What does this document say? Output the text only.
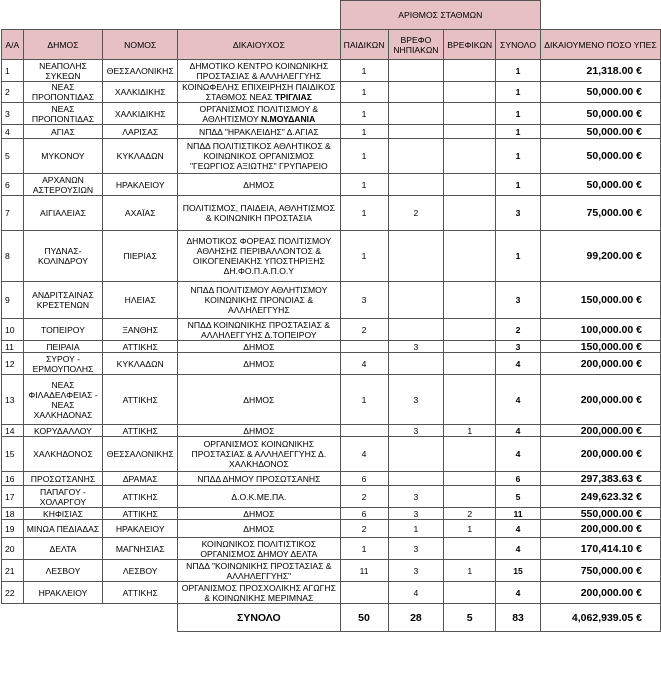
				ΑΡΙΘΜΟΣ ΣΤΑΘΜΩΝ				
Α/Α	ΔΗΜΟΣ	ΝΟΜΟΣ	ΔΙΚΑΙΟΥΧΟΣ	ΠΑΙΔΙΚΩΝ	ΒΡΕΦΟ ΝΗΠΙΑΚΩΝ	ΒΡΕΦΙΚΩΝ	ΣΥΝΟΛΟ	ΔΙΚΑΙΟΥΜΕΝΟ ΠΟΣΟ ΥΠΕΣ
1	ΝΕΑΠΟΛΗΣ ΣΥΚΕΩΝ	ΘΕΣΣΑΛΟΝΙΚΗΣ	ΔΗΜΟΤΙΚΟ ΚΕΝΤΡΟ ΚΟΙΝΩΝΙΚΗΣ ΠΡΟΣΤΑΣΙΑΣ & ΑΛΛΗΛΕΓΓΥΗΣ	1			1	21,318.00 €
2	ΝΕΑΣ ΠΡΟΠΟΝΤΙΔΑΣ	ΧΑΛΚΙΔΙΚΗΣ	ΚΟΙΝΩΦΕΛΗΣ ΕΠΙΧΕΙΡΗΣΗ ΠΑΙΔΙΚΟΣ ΣΤΑΘΜΟΣ ΝΕΑΣ ΤΡΙΓΛΙΑΣ	1			1	50,000.00 €
3	ΝΕΑΣ ΠΡΟΠΟΝΤΙΔΑΣ	ΧΑΛΚΙΔΙΚΗΣ	ΟΡΓΑΝΙΣΜΟΣ ΠΟΛΙΤΙΣΜΟΥ & ΑΘΛΗΤΙΣΜΟΥ Ν.ΜΟΥΔΑΝΙΑ	1			1	50,000.00 €
4	ΑΓΙΑΣ	ΛΑΡΙΣΑΣ	ΝΠΔΔ "ΗΡΑΚΛΕΙΔΗΣ" Δ.ΑΓΙΑΣ	1			1	50,000.00 €
5	ΜΥΚΟΝΟΥ	ΚΥΚΛΑΔΩΝ	ΝΠΔΔ ΠΟΛΙΤΙΣΤΙΚΟΣ ΑΘΛΗΤΙΚΟΣ & ΚΟΙΝΩΝΙΚΟΣ ΟΡΓΑΝΙΣΜΟΣ "ΓΕΩΡΓΙΟΣ ΑΞΙΩΤΗΣ" ΓΡΥΠΑΡΕΙΟ	1			1	50,000.00 €
6	ΑΡΧΑΝΩΝ ΑΣΤΕΡΟΥΣΙΩΝ	ΗΡΑΚΛΕΙΟΥ	ΔΗΜΟΣ	1			1	50,000.00 €
7	ΑΙΓΙΑΛΕΙΑΣ	ΑΧΑΪΑΣ	ΠΟΛΙΤΙΣΜΟΣ, ΠΑΙΔΕΙΑ, ΑΘΛΗΤΙΣΜΟΣ & ΚΟΙΝΩΝΙΚΗ ΠΡΟΣΤΑΣΙΑ	1	2		3	75,000.00 €
8	ΠΥΔΝΑΣ-ΚΟΛΙΝΔΡΟΥ	ΠΙΕΡΙΑΣ	ΔΗΜΟΤΙΚΟΣ ΦΟΡΕΑΣ ΠΟΛΙΤΙΣΜΟΥ ΑΘΛΗΣΗΣ ΠΕΡΙΒΑΛΛΟΝΤΟΣ & ΟΙΚΟΓΕΝΕΙΑΚΗΣ ΥΠΟΣΤΗΡΙΞΗΣ ΔΗ.ΦΟ.Π.Α.Π.Ο.Υ	1			1	99,200.00 €
9	ΑΝΔΡΙΤΣΑΙΝΑΣ ΚΡΕΣΤΕΝΩΝ	ΗΛΕΙΑΣ	ΝΠΔΔ ΠΟΛΙΤΙΣΜΟΥ ΑΘΛΗΤΙΣΜΟΥ ΚΟΙΝΩΝΙΚΗΣ ΠΡΟΝΟΙΑΣ & ΑΛΛΗΛΕΓΓΥΗΣ	3			3	150,000.00 €
10	ΤΟΠΕΙΡΟΥ	ΞΑΝΘΗΣ	ΝΠΔΔ ΚΟΙΝΩΝΙΚΗΣ ΠΡΟΣΤΑΣΙΑΣ & ΑΛΛΗΛΕΓΓΥΗΣ Δ.ΤΟΠΕΙΡΟΥ	2			2	100,000.00 €
11	ΠΕΙΡΑΙΑ	ΑΤΤΙΚΗΣ	ΔΗΜΟΣ		3		3	150,000.00 €
12	ΣΥΡΟΥ - ΕΡΜΟΥΠΟΛΗΣ	ΚΥΚΛΑΔΩΝ	ΔΗΜΟΣ	4			4	200,000.00 €
13	ΝΕΑΣ ΦΙΛΑΔΕΛΦΕΙΑΣ - ΝΕΑΣ ΧΑΛΚΗΔΟΝΑΣ	ΑΤΤΙΚΗΣ	ΔΗΜΟΣ	1	3		4	200,000.00 €
14	ΚΟΡΥΔΑΛΛΟΥ	ΑΤΤΙΚΗΣ	ΔΗΜΟΣ		3	1	4	200,000.00 €
15	ΧΑΛΚΗΔΟΝΟΣ	ΘΕΣΣΑΛΟΝΙΚΗΣ	ΟΡΓΑΝΙΣΜΟΣ ΚΟΙΝΩΝΙΚΗΣ ΠΡΟΣΤΑΣΙΑΣ & ΑΛΛΗΛΕΓΓΥΗΣ Δ. ΧΑΛΚΗΔΟΝΟΣ	4			4	200,000.00 €
16	ΠΡΟΣΩΤΣΑΝΗΣ	ΔΡΑΜΑΣ	ΝΠΔΔ ΔΗΜΟΥ ΠΡΟΣΩΤΣΑΝΗΣ	6			6	297,383.63 €
17	ΠΑΠΑΓΟΥ - ΧΟΛΑΡΓΟΥ	ΑΤΤΙΚΗΣ	Δ.Ο.Κ.ΜΕ.ΠΑ.	2	3		5	249,623.32 €
18	ΚΗΦΙΣΙΑΣ	ΑΤΤΙΚΗΣ	ΔΗΜΟΣ	6	3	2	11	550,000.00 €
19	ΜΙΝΩΑ ΠΕΔΙΑΔΑΣ	ΗΡΑΚΛΕΙΟΥ	ΔΗΜΟΣ	2	1	1	4	200,000.00 €
20	ΔΕΛΤΑ	ΜΑΓΝΗΣΙΑΣ	ΚΟΙΝΩΝΙΚΟΣ ΠΟΛΙΤΙΣΤΙΚΟΣ ΟΡΓΑΝΙΣΜΟΣ ΔΗΜΟΥ ΔΕΛΤΑ	1	3		4	170,414.10 €
21	ΛΕΣΒΟΥ	ΛΕΣΒΟΥ	ΝΠΔΔ "ΚΟΙΝΩΝΙΚΗΣ ΠΡΟΣΤΑΣΙΑΣ & ΑΛΛΗΛΕΓΓΥΗΣ"	11	3	1	15	750,000.00 €
22	ΗΡΑΚΛΕΙΟΥ	ΑΤΤΙΚΗΣ	ΟΡΓΑΝΙΣΜΟΣ ΠΡΟΣΧΟΛΙΚΗΣ ΑΓΩΓΗΣ & ΚΟΙΝΩΝΙΚΗΣ ΜΕΡΙΜΝΑΣ		4		4	200,000.00 €
			ΣΥΝΟΛΟ	50	28	5	83	4,062,939.05 €
